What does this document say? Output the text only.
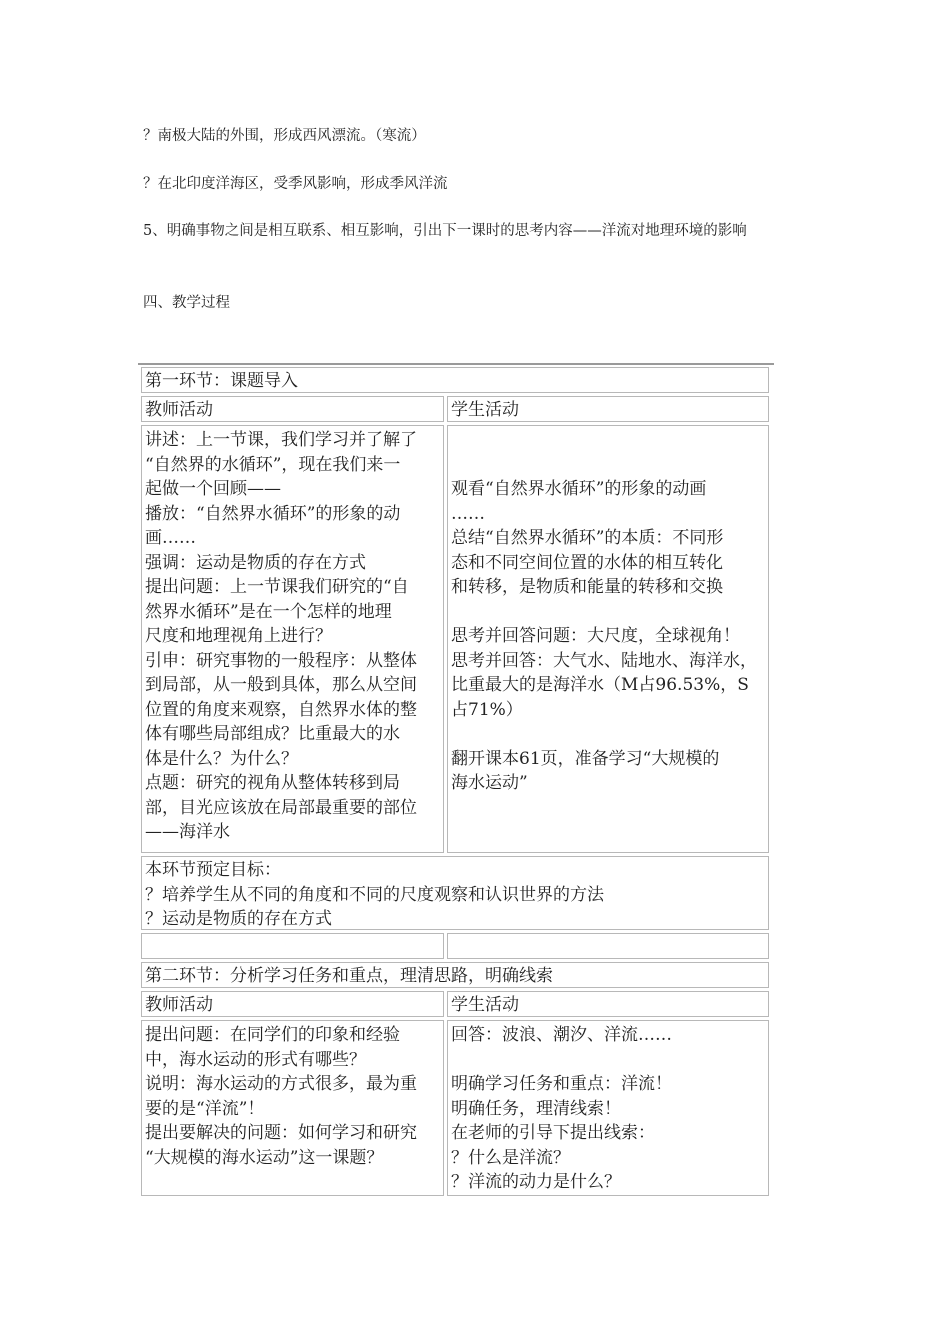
？南极大陆的外围，形成西风漂流。（寒流）

？在北印度洋海区，受季风影响，形成季风洋流

5、明确事物之间是相互联系、相互影响，引出下一课时的思考内容——洋流对地理环境的影响

四、教学过程

第一环节：课题导入
教师活动	学生活动
讲述：上一节课，我们学习并了解了
“自然界的水循环”，现在我们来一
起做一个回顾——
播放：“自然界水循环”的形象的动
画……
强调：运动是物质的存在方式
提出问题：上一节课我们研究的“自
然界水循环”是在一个怎样的地理
尺度和地理视角上进行？
引申：研究事物的一般程序：从整体
到局部，从一般到具体，那么从空间
位置的角度来观察，自然界水体的整
体有哪些局部组成？比重最大的水
体是什么？为什么？
点题：研究的视角从整体转移到局
部，目光应该放在局部最重要的部位
——海洋水
观看“自然界水循环”的形象的动画
……
总结“自然界水循环”的本质：不同形
态和不同空间位置的水体的相互转化
和转移，是物质和能量的转移和交换
思考并回答问题：大尺度，全球视角！
思考并回答：大气水、陆地水、海洋水，
比重最大的是海洋水（M占96.53%，S
占71%）
翻开课本61页，准备学习“大规模的
海水运动”
本环节预定目标：
？培养学生从不同的角度和不同的尺度观察和认识世界的方法
？运动是物质的存在方式
第二环节：分析学习任务和重点，理清思路，明确线索
教师活动	学生活动
提出问题：在同学们的印象和经验
中，海水运动的形式有哪些？
说明：海水运动的方式很多，最为重
要的是“洋流”！
提出要解决的问题：如何学习和研究
“大规模的海水运动”这一课题？
回答：波浪、潮汐、洋流……
明确学习任务和重点：洋流！
明确任务，理清线索！
在老师的引导下提出线索：
？什么是洋流？
？洋流的动力是什么？
